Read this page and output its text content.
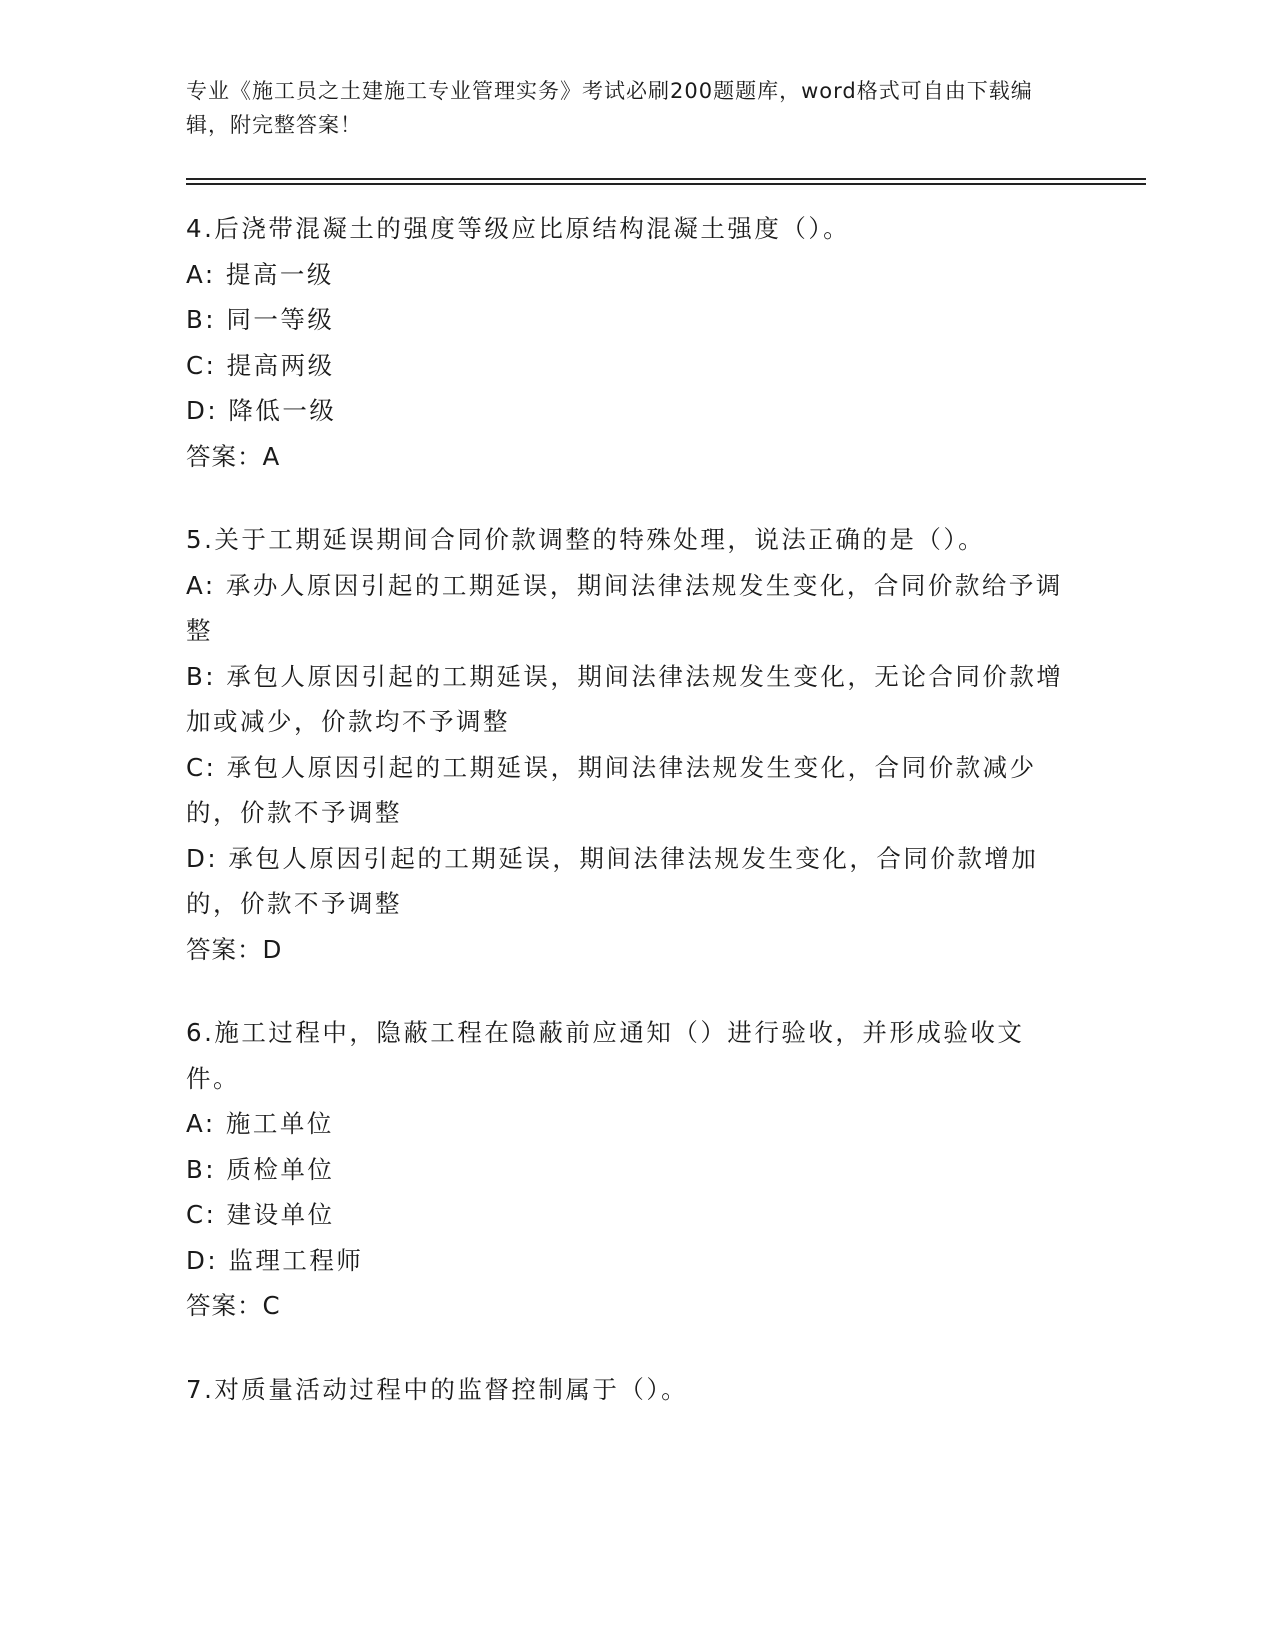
专业《施工员之土建施工专业管理实务》考试必刷200题题库，word格式可自由下载编辑，附完整答案！
4.后浇带混凝土的强度等级应比原结构混凝土强度（）。
A: 提高一级
B: 同一等级
C: 提高两级
D: 降低一级
答案：A
5.关于工期延误期间合同价款调整的特殊处理，说法正确的是（）。
A: 承办人原因引起的工期延误，期间法律法规发生变化，合同价款给予调整
B: 承包人原因引起的工期延误，期间法律法规发生变化，无论合同价款增加或减少，价款均不予调整
C: 承包人原因引起的工期延误，期间法律法规发生变化，合同价款减少的，价款不予调整
D: 承包人原因引起的工期延误，期间法律法规发生变化，合同价款增加的，价款不予调整
答案：D
6.施工过程中，隐蔽工程在隐蔽前应通知（）进行验收，并形成验收文件。
A: 施工单位
B: 质检单位
C: 建设单位
D: 监理工程师
答案：C
7.对质量活动过程中的监督控制属于（）。
